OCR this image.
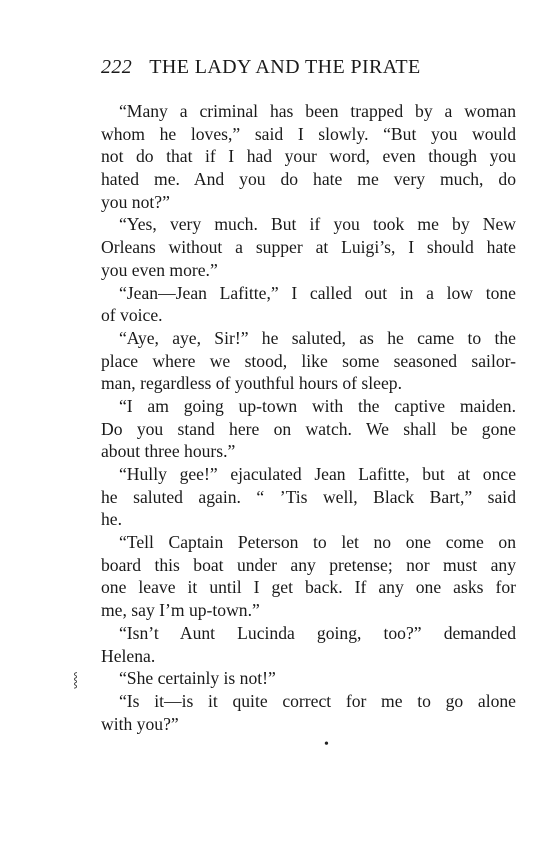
222 THE LADY AND THE PIRATE
“Many a criminal has been trapped by a woman
whom he loves,” said I slowly. “But you would
not do that if I had your word, even though you
hated me. And you do hate me very much, do
you not?”
“Yes, very much. But if you took me by New
Orleans without a supper at Luigi’s, I should hate
you even more.”
“Jean—Jean Lafitte,” I called out in a low tone
of voice.
“Aye, aye, Sir!” he saluted, as he came to the
place where we stood, like some seasoned sailor-
man, regardless of youthful hours of sleep.
“I am going up-town with the captive maiden.
Do you stand here on watch. We shall be gone
about three hours.”
“Hully gee!” ejaculated Jean Lafitte, but at once
he saluted again. “ ’Tis well, Black Bart,” said
he.
“Tell Captain Peterson to let no one come on
board this boat under any pretense; nor must any
one leave it until I get back. If any one asks for
me, say I’m up-town.”
“Isn’t Aunt Lucinda going, too?” demanded
Helena.
“She certainly is not!”
“Is it—is it quite correct for me to go alone
with you?”
⸾
•
